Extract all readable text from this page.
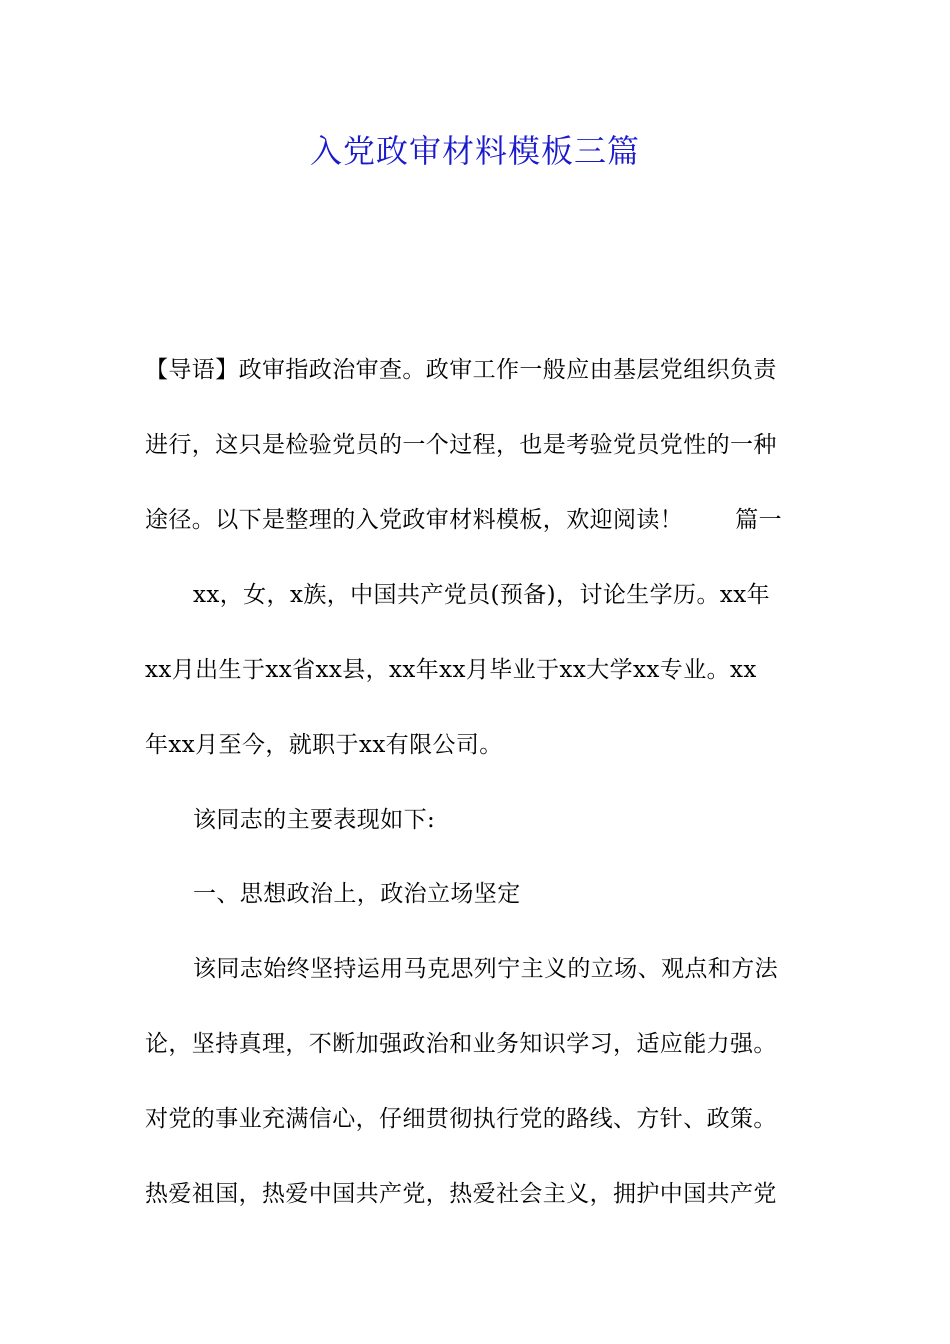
入党政审材料模板三篇
【导语】政审指政治审查。政审工作一般应由基层党组织负责
进行，这只是检验党员的一个过程，也是考验党员党性的一种
途径。以下是整理的入党政审材料模板，欢迎阅读！ 篇一
xx，女，x族，中国共产党员(预备)，讨论生学历。xx年
xx月出生于xx省xx县，xx年xx月毕业于xx大学xx专业。xx
年xx月至今，就职于xx有限公司。
该同志的主要表现如下:
一、思想政治上，政治立场坚定
该同志始终坚持运用马克思列宁主义的立场、观点和方法
论，坚持真理，不断加强政治和业务知识学习，适应能力强。
对党的事业充满信心，仔细贯彻执行党的路线、方针、政策。
热爱祖国，热爱中国共产党，热爱社会主义，拥护中国共产党
